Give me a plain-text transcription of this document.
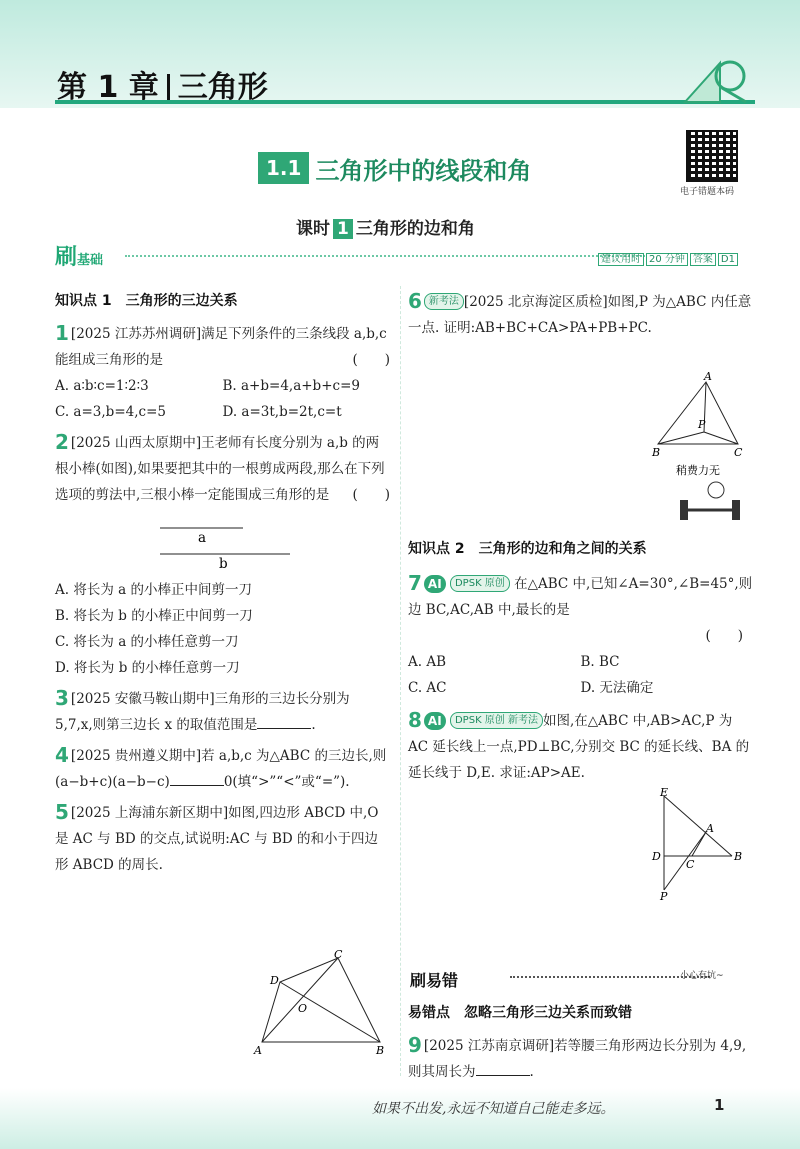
第 1 章 三角形
1.1 三角形中的线段和角
电子错题本码
课时 1 三角形的边和角
刷基础	建议用时 20 分钟 答案 D1
知识点 1　三角形的三边关系
1 [2025 江苏苏州调研]满足下列条件的三条线段 a,b,c 能组成三角形的是	(　　)
A. a∶b∶c=1∶2∶3	B. a+b=4,a+b+c=9
C. a=3,b=4,c=5	D. a=3t,b=2t,c=t
2 [2025 山西太原期中]王老师有长度分别为 a,b 的两根小棒(如图),如果要把其中的一根剪成两段,那么在下列选项的剪法中,三根小棒一定能围成三角形的是 (　　)

a
b
A. 将长为 a 的小棒正中间剪一刀
B. 将长为 b 的小棒正中间剪一刀
C. 将长为 a 的小棒任意剪一刀
D. 将长为 b 的小棒任意剪一刀
3 [2025 安徽马鞍山期中]三角形的三边长分别为 5,7,x,则第三边长 x 的取值范围是	.
4 [2025 贵州遵义期中]若 a,b,c 为△ABC 的三边长,则(a−b+c)(a−b−c)	0(填“>”“<”或“=”).
5 [2025 上海浦东新区期中]如图,四边形 ABCD 中,O 是 AC 与 BD 的交点,试说明:AC 与 BD 的和小于四边形 ABCD 的周长.
A	B
C
D
O
6 新考法 [2025 北京海淀区质检]如图,P 为△ABC 内任意一点. 证明:AB+BC+CA>PA+PB+PC.
A
B	C
P
稍费力无
知识点 2　三角形的边和角之间的关系
7 AI DPSK 原创 在△ABC 中,已知∠A=30°,∠B=45°,则边 BC,AC,AB 中,最长的是
(　　)
A. AB	B. BC
C. AC	D. 无法确定
8 AI DPSK 原创 新考法 如图,在△ABC 中,AB>AC,P 为 AC 延长线上一点,PD⊥BC,分别交 BC 的延长线、BA 的延长线于 D,E. 求证:AP>AE.
E
A
D
C
B
P
刷易错	小心有坑~
易错点　忽略三角形三边关系而致错
9 [2025 江苏南京调研]若等腰三角形两边长分别为 4,9,则其周长为	.
如果不出发,永远不知道自己能走多远。	1
